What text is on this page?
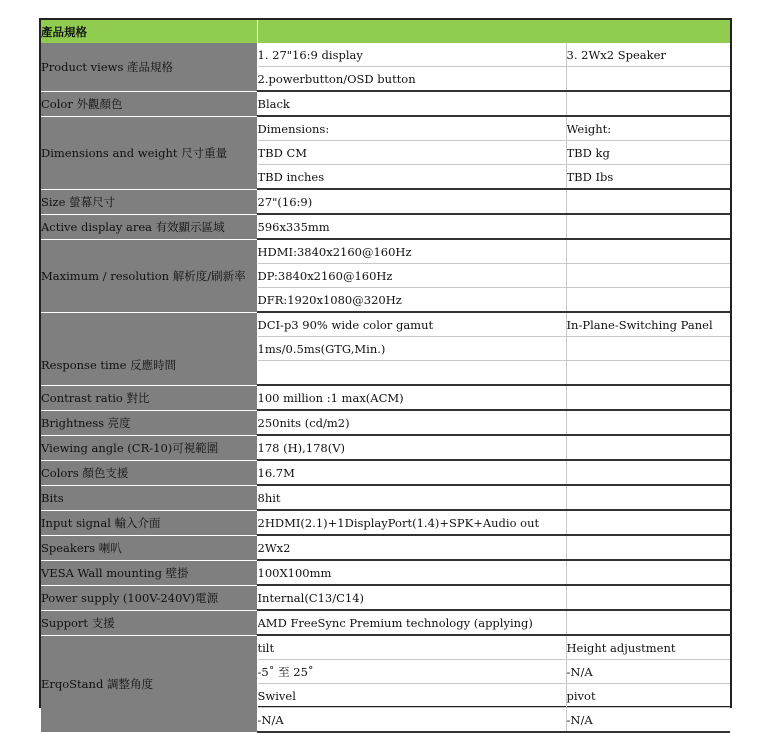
產品規格		
Product views 產品規格	1. 27"16:9 display	3. 2Wx2 Speaker
	2.powerbutton/OSD button	
Color 外觀顏色	Black	
Dimensions and weight 尺寸重量	Dimensions:	Weight:
	TBD CM	TBD kg
	TBD inches	TBD Ibs
Size 螢幕尺寸	27"(16:9)	
Active display area 有效顯示區域	596x335mm	
Maximum / resolution 解析度/刷新率	HDMI:3840x2160@160Hz	
	DP:3840x2160@160Hz	
	DFR:1920x1080@320Hz	
Response time 反應時間	DCI-p3 90% wide color gamut	In-Plane-Switching Panel
	1ms/0.5ms(GTG,Min.)	

Contrast ratio 對比	100 million :1 max(ACM)	
Brightness 亮度	250nits (cd/m2)	
Viewing angle (CR-10)可視範圍	178 (H),178(V)	
Colors 顏色支援	16.7M	
Bits	8hit	
Input signal 輸入介面	2HDMI(2.1)+1DisplayPort(1.4)+SPK+Audio out	
Speakers 喇叭	2Wx2	
VESA Wall mounting 壁掛	100X100mm	
Power supply (100V-240V)電源	Internal(C13/C14)	
Support 支援	AMD FreeSync Premium technology (applying)	
ErqoStand 調整角度	tilt	Height adjustment
	-5˚ 至 25˚	-N/A
	Swivel	pivot
	-N/A	-N/A
